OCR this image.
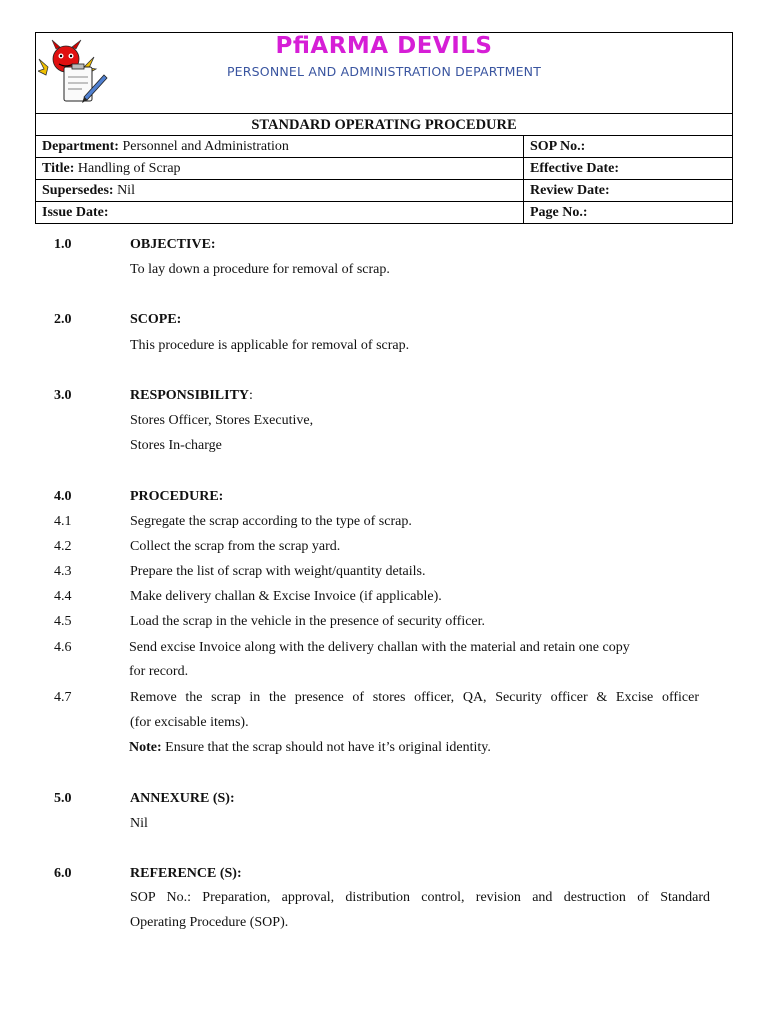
PﬁARMA DEVILS
PERSONNEL AND ADMINISTRATION DEPARTMENT
STANDARD OPERATING PROCEDURE	
Department: Personnel and Administration	SOP No.:
Title: Handling of Scrap	Effective Date:
Supersedes: Nil	Review Date:
Issue Date:	Page No.:
1.0	OBJECTIVE:
To lay down a procedure for removal of scrap.
2.0	SCOPE:
This procedure is applicable for removal of scrap.
3.0	RESPONSIBILITY:
Stores Officer, Stores Executive,
Stores In-charge
4.0	PROCEDURE:
4.1	Segregate the scrap according to the type of scrap.
4.2	Collect the scrap from the scrap yard.
4.3	Prepare the list of scrap with weight/quantity details.
4.4	Make delivery challan & Excise Invoice (if applicable).
4.5	Load the scrap in the vehicle in the presence of security officer.
4.6	Send excise Invoice along with the delivery challan with the material and retain one copy
for record.
4.7	Remove the scrap in the presence of stores officer, QA, Security officer & Excise officer
(for excisable items).
Note: Ensure that the scrap should not have it’s original identity.
5.0	ANNEXURE (S):
Nil
6.0	REFERENCE (S):
SOP No.: Preparation, approval, distribution control, revision and destruction of Standard
Operating Procedure (SOP).
